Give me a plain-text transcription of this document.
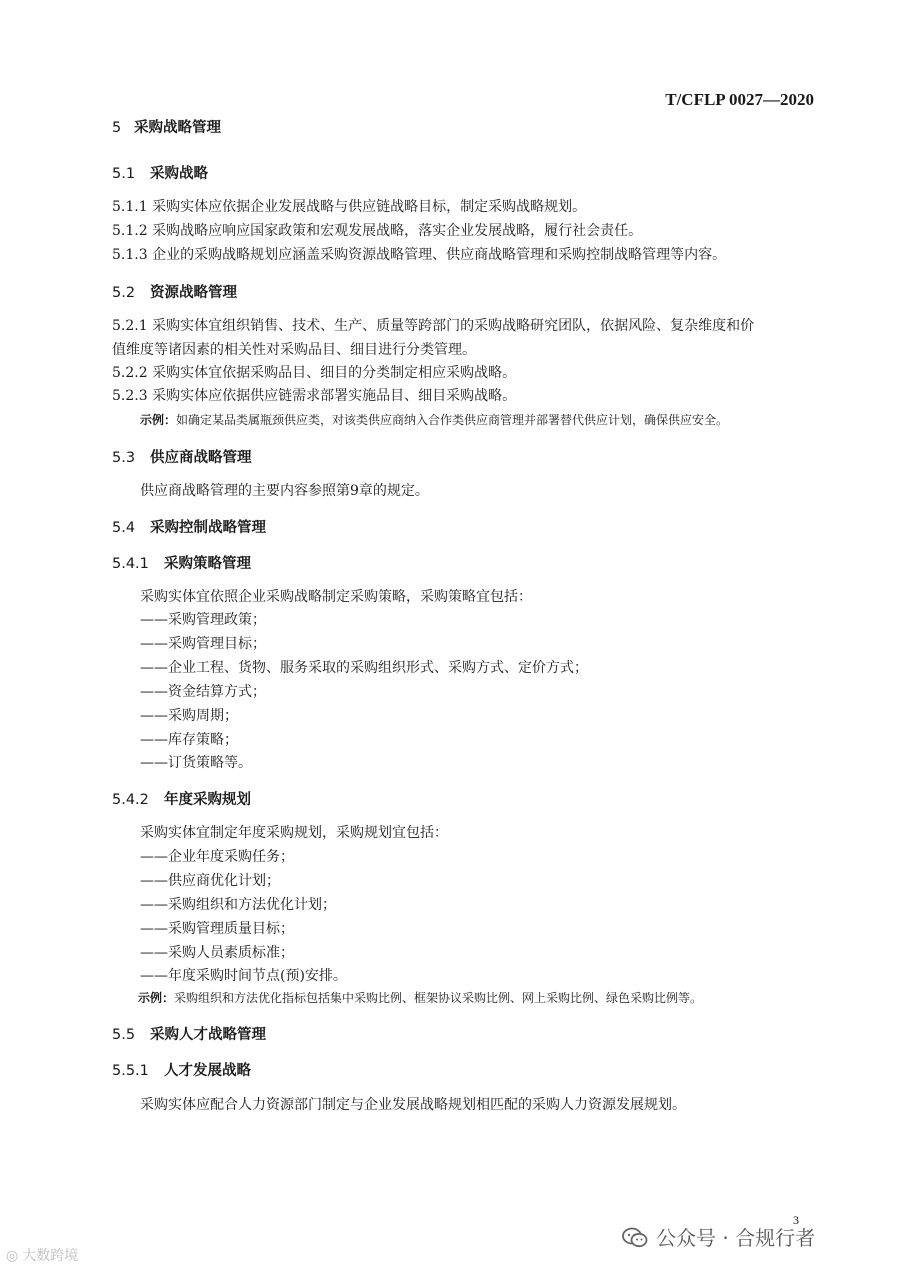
T/CFLP 0027—2020
5 采购战略管理
5.1 采购战略
5.1.1 采购实体应依据企业发展战略与供应链战略目标，制定采购战略规划。
5.1.2 采购战略应响应国家政策和宏观发展战略，落实企业发展战略，履行社会责任。
5.1.3 企业的采购战略规划应涵盖采购资源战略管理、供应商战略管理和采购控制战略管理等内容。
5.2 资源战略管理
5.2.1 采购实体宜组织销售、技术、生产、质量等跨部门的采购战略研究团队，依据风险、复杂维度和价
值维度等诸因素的相关性对采购品目、细目进行分类管理。
5.2.2 采购实体宜依据采购品目、细目的分类制定相应采购战略。
5.2.3 采购实体应依据供应链需求部署实施品目、细目采购战略。
示例：如确定某品类属瓶颈供应类，对该类供应商纳入合作类供应商管理并部署替代供应计划，确保供应安全。
5.3 供应商战略管理
供应商战略管理的主要内容参照第9章的规定。
5.4 采购控制战略管理
5.4.1 采购策略管理
采购实体宜依照企业采购战略制定采购策略，采购策略宜包括：
——采购管理政策；
——采购管理目标；
——企业工程、货物、服务采取的采购组织形式、采购方式、定价方式；
——资金结算方式；
——采购周期；
——库存策略；
——订货策略等。
5.4.2 年度采购规划
采购实体宜制定年度采购规划，采购规划宜包括：
——企业年度采购任务；
——供应商优化计划；
——采购组织和方法优化计划；
——采购管理质量目标；
——采购人员素质标准；
——年度采购时间节点(预)安排。
示例：采购组织和方法优化指标包括集中采购比例、框架协议采购比例、网上采购比例、绿色采购比例等。
5.5 采购人才战略管理
5.5.1 人才发展战略
采购实体应配合人力资源部门制定与企业发展战略规划相匹配的采购人力资源发展规划。
3
公众号 · 合规行者
◎ 大数跨境
